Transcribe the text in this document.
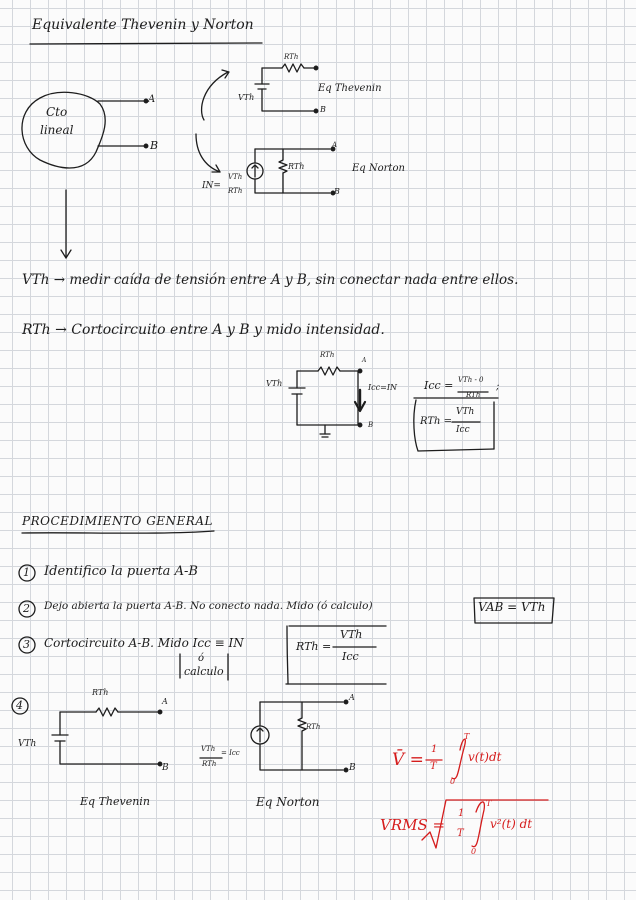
Equivalente Thevenin y Norton
Cto
lineal
A
B
RTh
VTh
Eq Thevenin
B
RTh	Eq Norton
A
B
IN=
VTh
RTh
VTh → medir caída de tensión entre A y B, sin conectar nada entre ellos.
RTh → Cortocircuito entre A y B y mido intensidad.
RTh
VTh
A
B
Icc=IN Icc = VTh - 0
RTh
;
RTh =
VTh
Icc
PROCEDIMIENTO GENERAL
1 Identifico la puerta A-B
2 Dejo abierta la puerta A-B. No conecto nada. Mido (ó calculo)	VAB = VTh
3 Cortocircuito A-B. Mido Icc ≡ IN	RTh =
VTh
Icc
ó
calculo
4
RTh
VTh
A
B
Eq Thevenin
RTh
VTh = Icc
RTh
A
B
Eq Norton
V̄ =
1
T
T
0
v(t)dt
VRMS =
1
T
T
0
v²(t) dt
